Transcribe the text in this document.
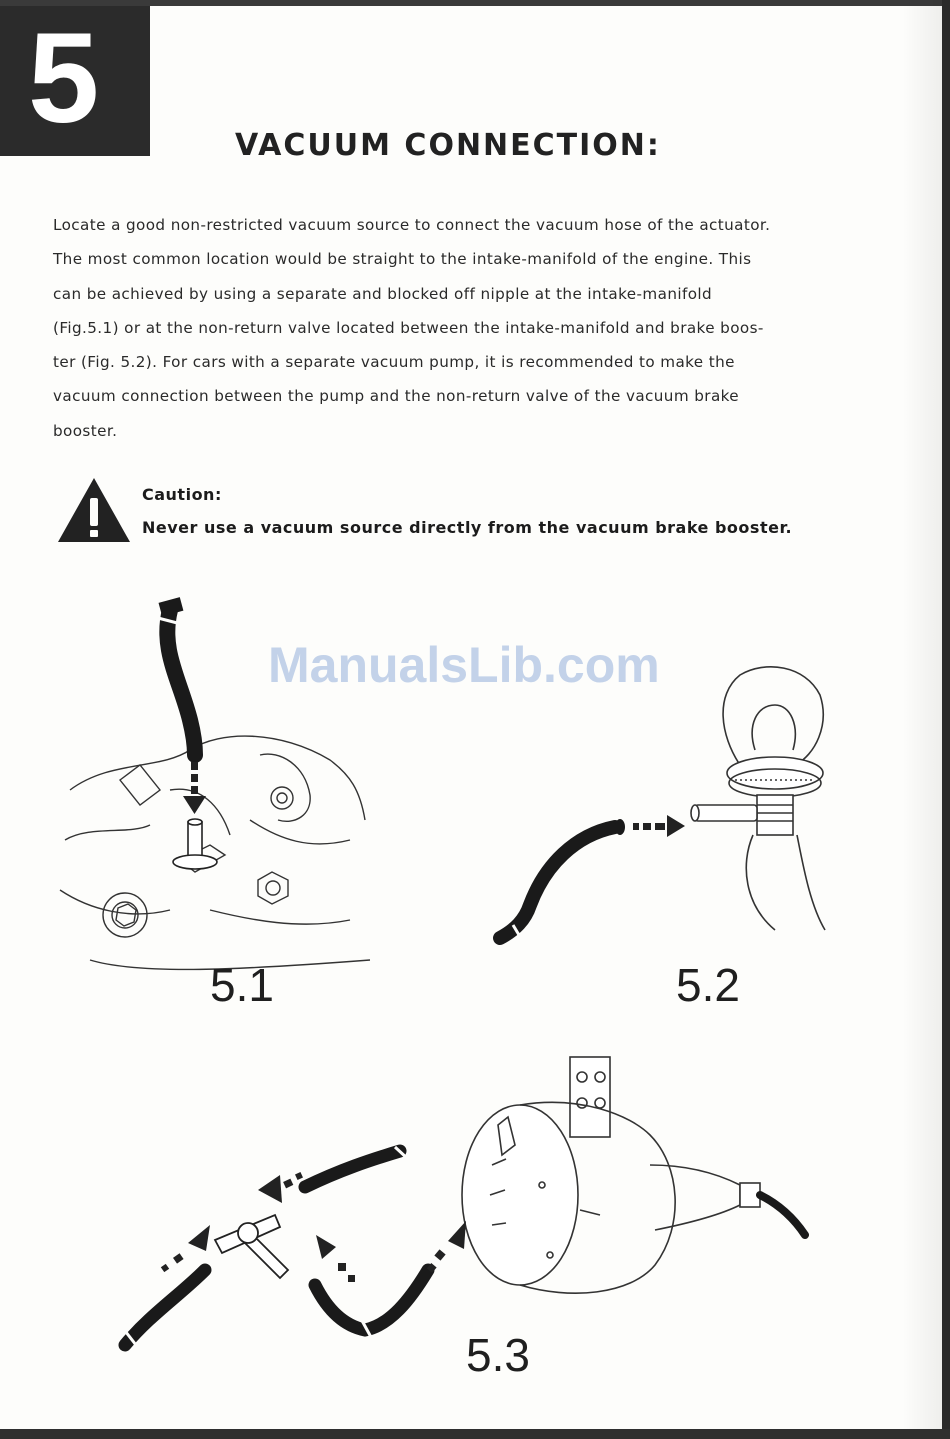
5	VACUUM CONNECTION:
Locate a good non-restricted vacuum source to connect the vacuum hose of the actuator.
The most common location would be straight to the intake-manifold of the engine. This
can be achieved by using a separate and blocked off nipple at the intake-manifold
(Fig.5.1) or at the non-return valve located between the intake-manifold and brake boos-
ter (Fig. 5.2). For cars with a separate vacuum pump, it is recommended to make the
vacuum connection between the pump and the non-return valve of the vacuum brake
booster.
Caution:
Never use a vacuum source directly from the vacuum brake booster.
ManualsLib.com
5.1	5.2
5.3
